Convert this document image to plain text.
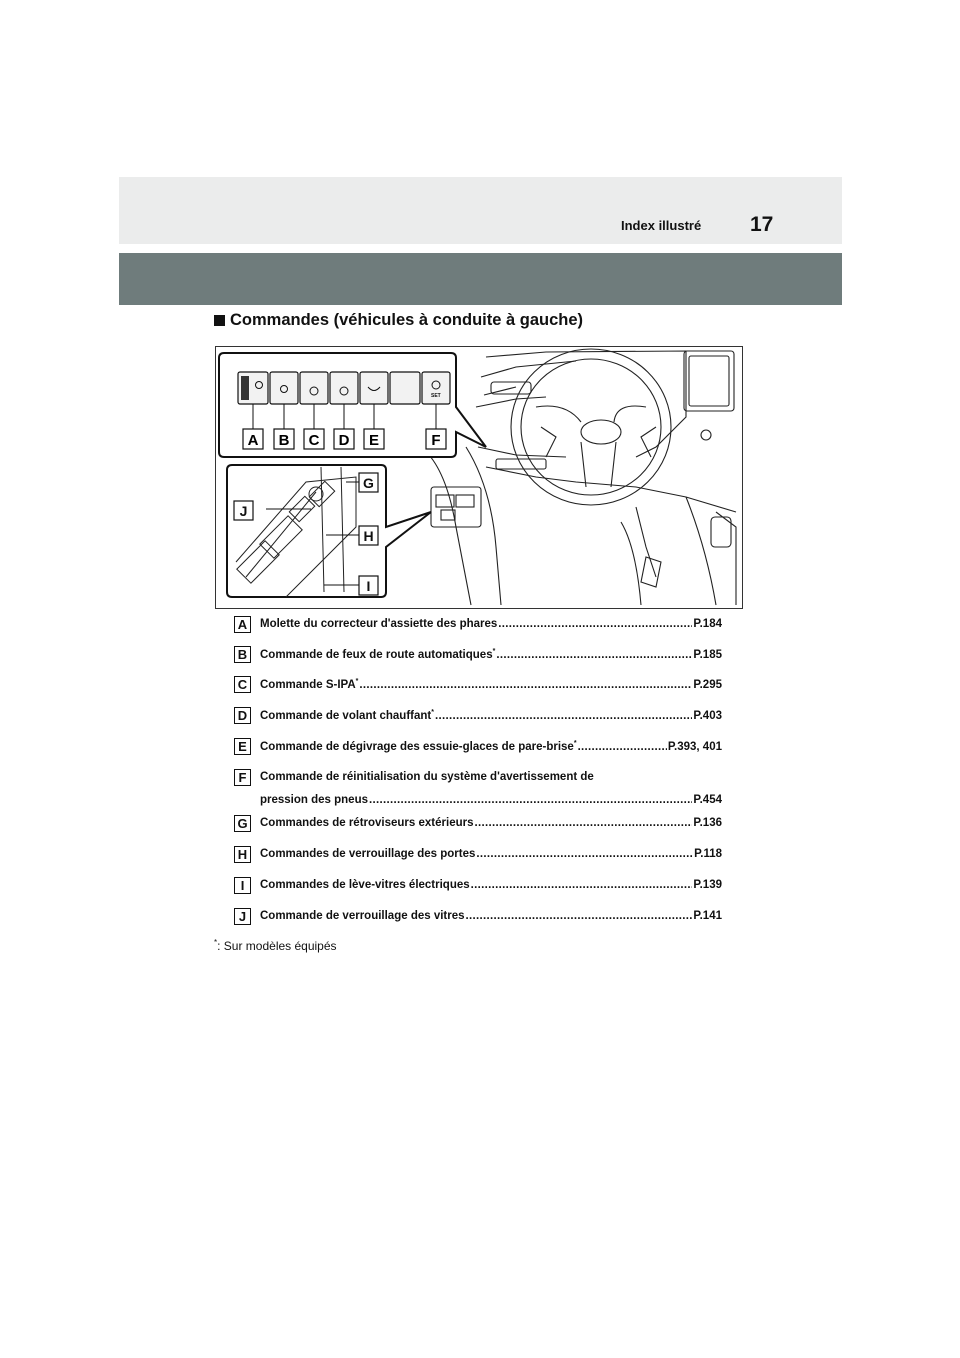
Index illustré 17
Commandes (véhicules à conduite à gauche)
SET
A B C D E	F
G
H
I
J
A	Molette du correcteur d'assiette des phares .....	P.184
B	Commande de feux de route automatiques* .....	P.185
C	Commande S-IPA* .....	P.295
D	Commande de volant chauffant* .....	P.403
E	Commande de dégivrage des essuie-glaces de pare-brise* .....	P.393, 401
F	Commande de réinitialisation du système d'avertissement de
pression des pneus .....	P.454
G Commandes de rétroviseurs extérieurs .....	P.136
H	Commandes de verrouillage des portes .....	P.118
I	Commandes de lève-vitres électriques .....	P.139
J	Commande de verrouillage des vitres .....	P.141
*: Sur modèles équipés
